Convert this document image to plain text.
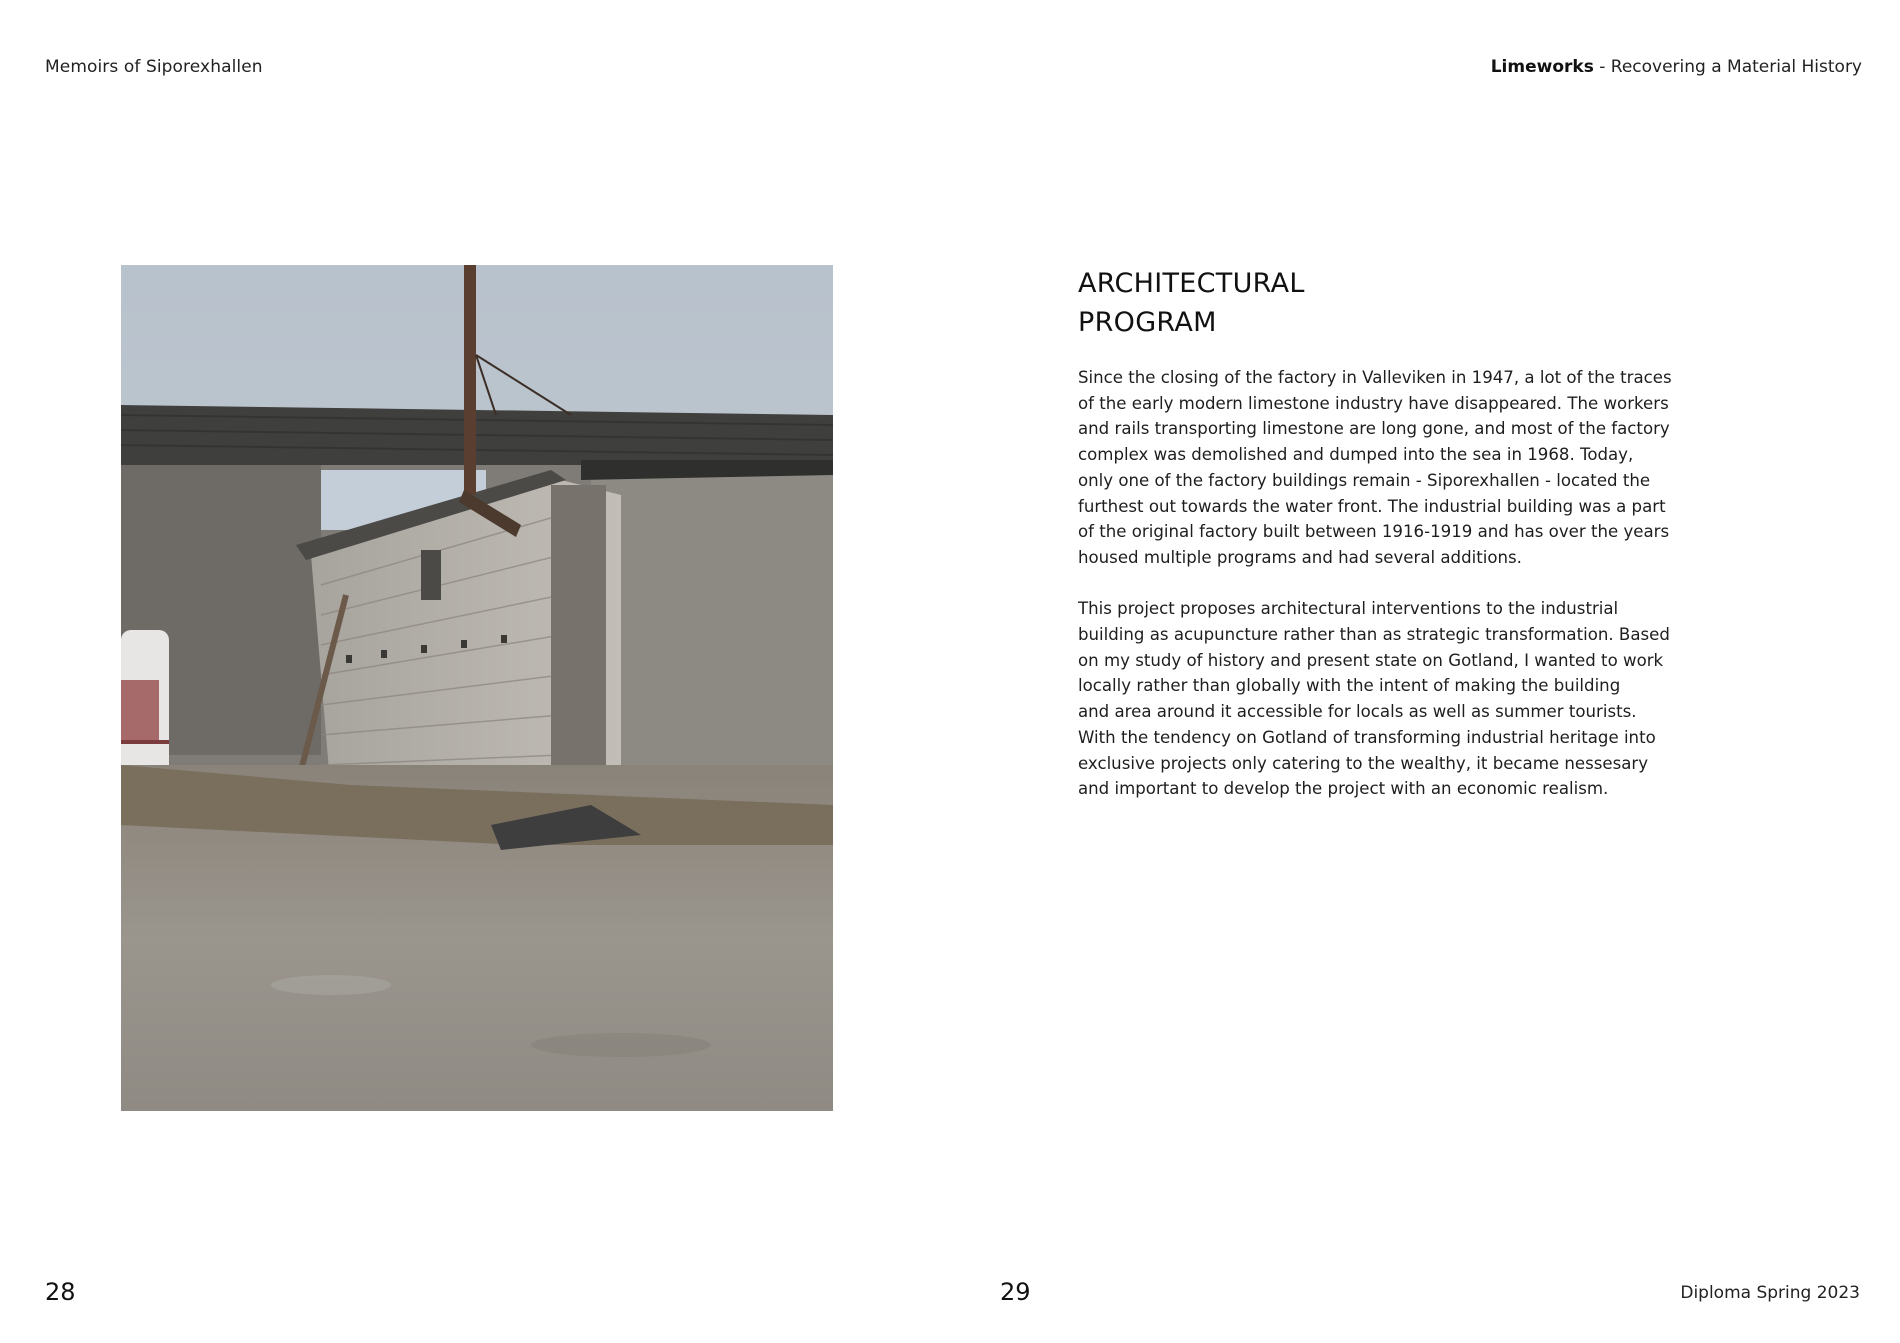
Memoirs of Siporexhallen	Limeworks - Recovering a Material History
ARCHITECTURAL
PROGRAM

Since the closing of the factory in Valleviken in 1947, a lot of the traces
of the early modern limestone industry have disappeared. The workers
and rails transporting limestone are long gone, and most of the factory
complex was demolished and dumped into the sea in 1968. Today,
only one of the factory buildings remain - Siporexhallen - located the
furthest out towards the water front. The industrial building was a part
of the original factory built between 1916-1919 and has over the years
housed multiple programs and had several additions.

This project proposes architectural interventions to the industrial
building as acupuncture rather than as strategic transformation. Based
on my study of history and present state on Gotland, I wanted to work
locally rather than globally with the intent of making the building
and area around it accessible for locals as well as summer tourists.
With the tendency on Gotland of transforming industrial heritage into
exclusive projects only catering to the wealthy, it became nessesary
and important to develop the project with an economic realism.

28	29	Diploma Spring 2023
